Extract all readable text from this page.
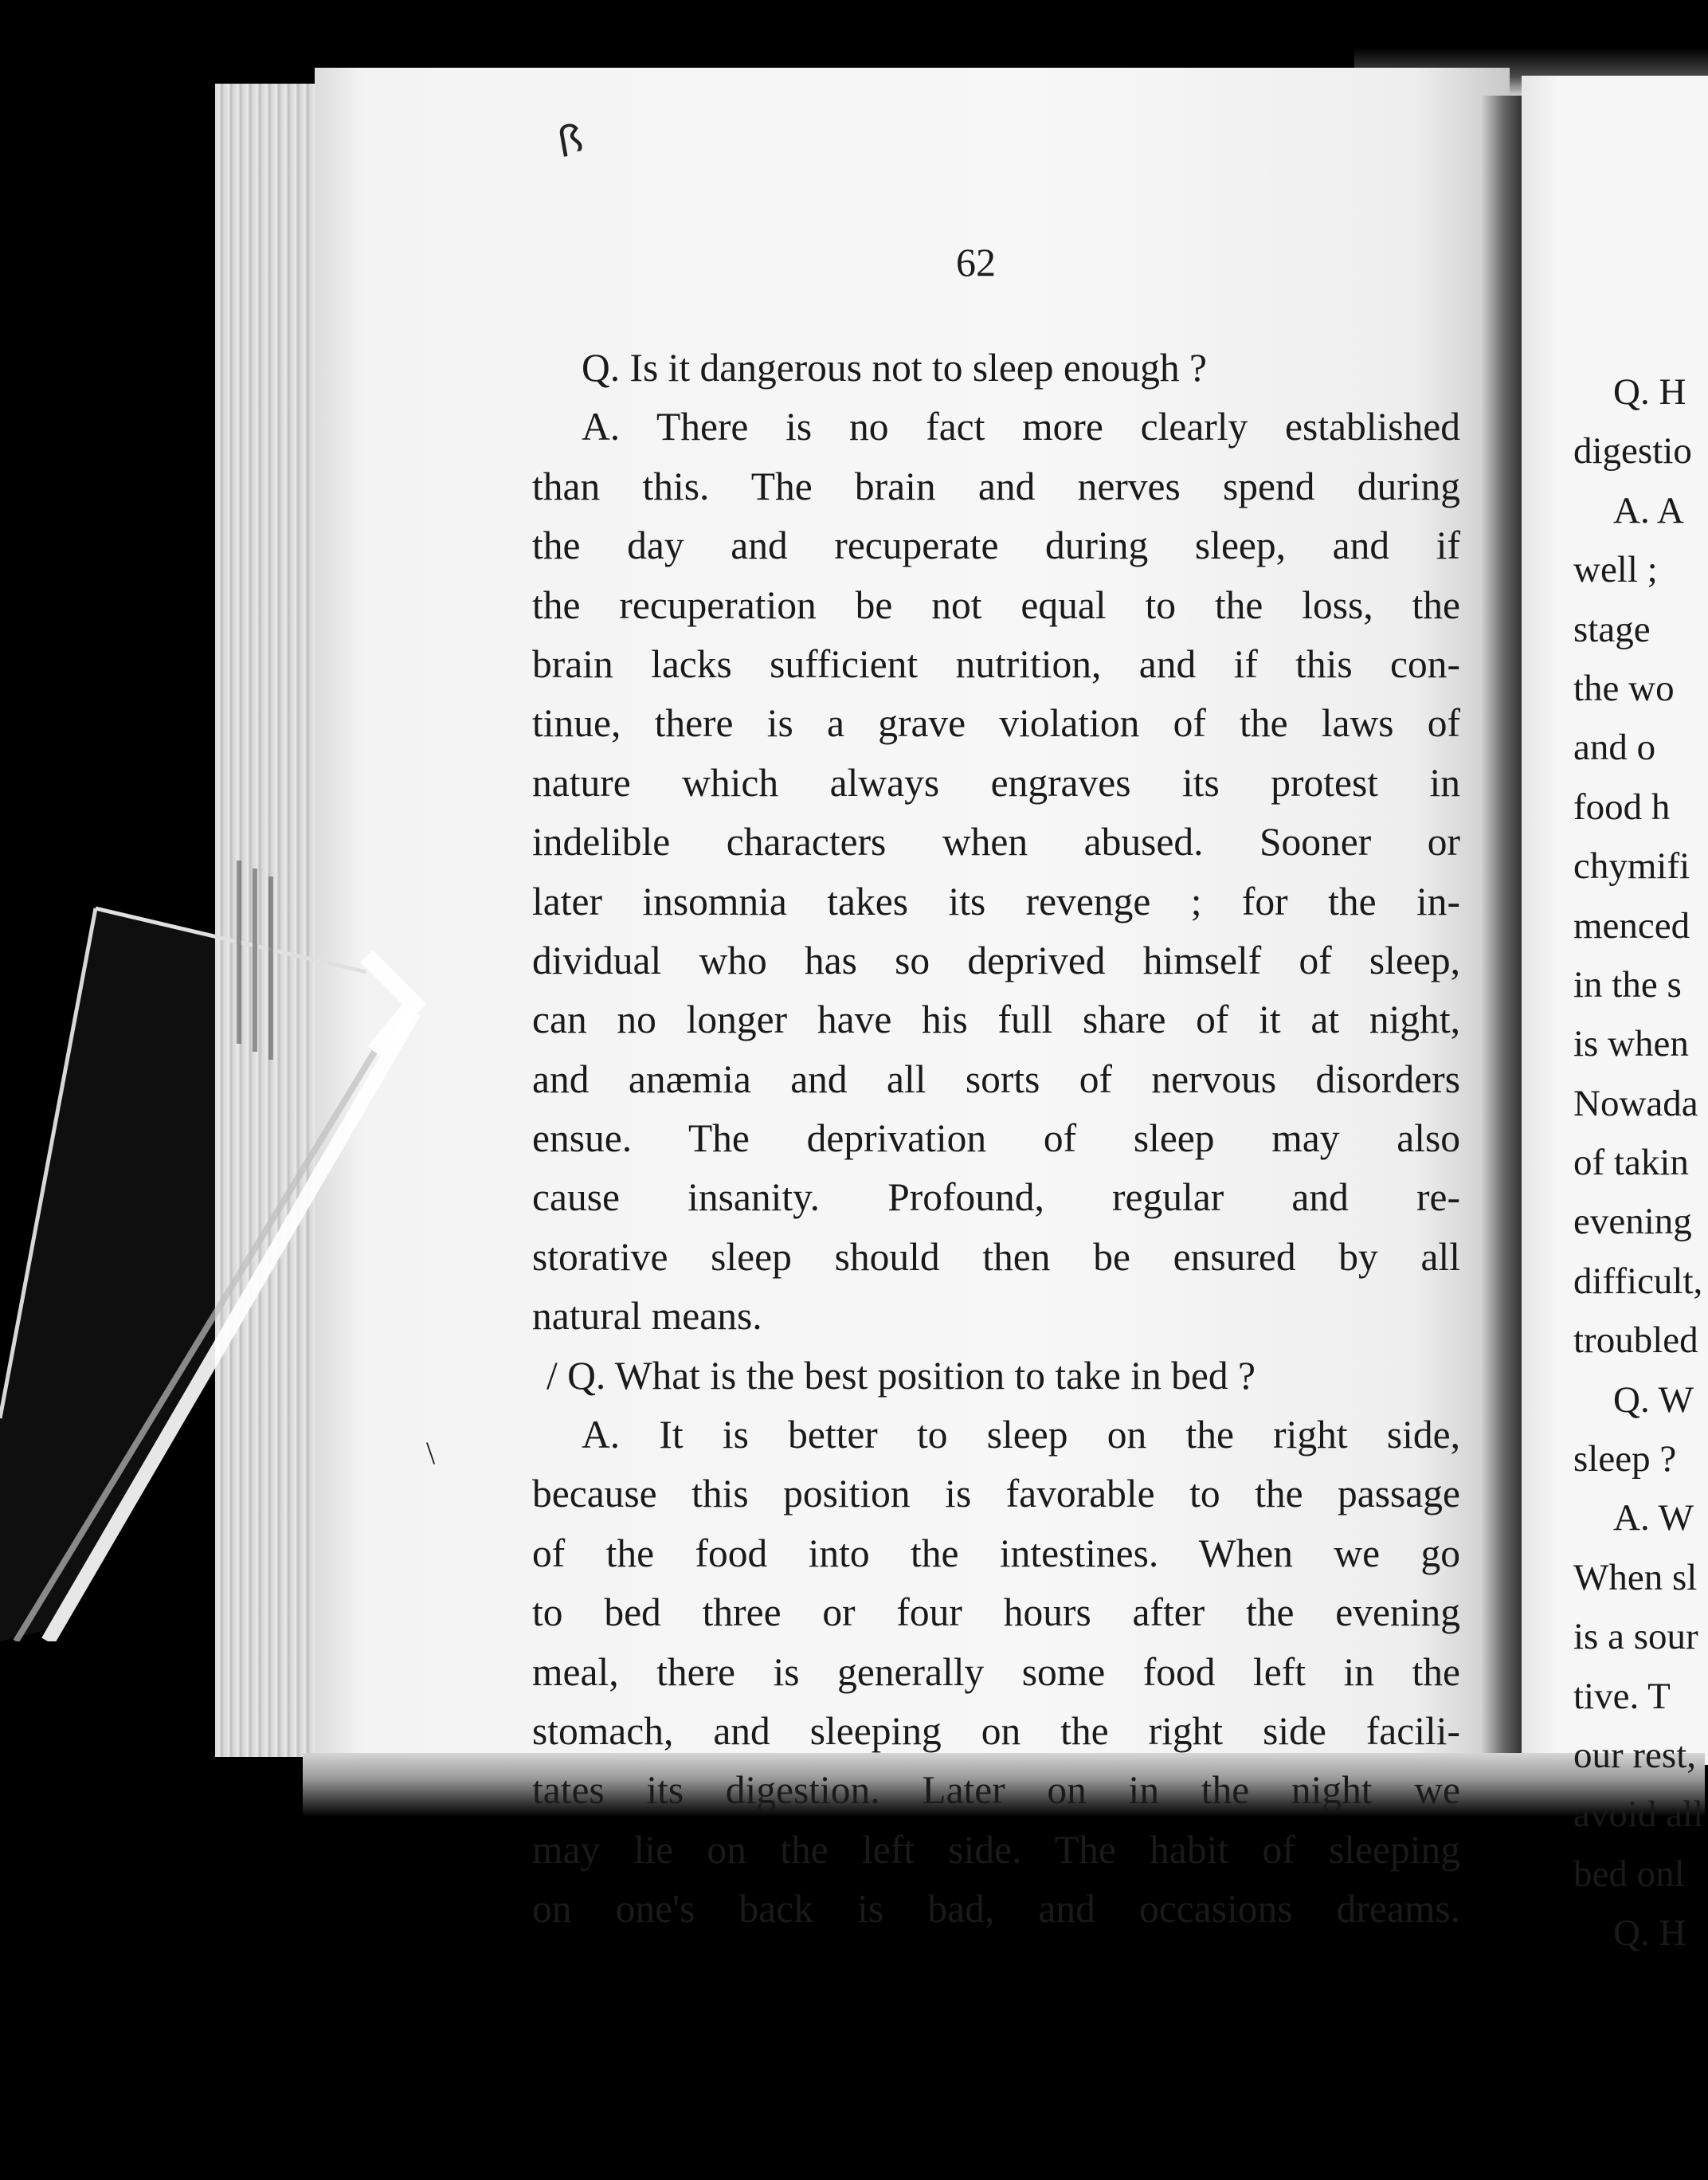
62
ꟗ
\
Q. Is it dangerous not to sleep enough ?
A. There is no fact more clearly established
than this. The brain and nerves spend during
the day and recuperate during sleep, and if
the recuperation be not equal to the loss, the
brain lacks sufficient nutrition, and if this con-
tinue, there is a grave violation of the laws of
nature which always engraves its protest in
indelible characters when abused. Sooner or
later insomnia takes its revenge ; for the in-
dividual who has so deprived himself of sleep,
can no longer have his full share of it at night,
and anæmia and all sorts of nervous disorders
ensue. The deprivation of sleep may also
cause insanity. Profound, regular and re-
storative sleep should then be ensured by all
natural means.
/ Q. What is the best position to take in bed ?
A. It is better to sleep on the right side,
because this position is favorable to the passage
of the food into the intestines. When we go
to bed three or four hours after the evening
meal, there is generally some food left in the
stomach, and sleeping on the right side facili-
tates its digestion. Later on in the night we
may lie on the left side. The habit of sleeping
on one's back is bad, and occasions dreams.
Q. H
digestio
A. A
well ;
stage
the wo
and o
food h
chymifi
menced
in the s
is when
Nowada
of takin
evening
difficult,
troubled
Q. W
sleep ?
A. W
When sl
is a sour
tive. T
our rest,
avoid all
bed onl
Q. H
